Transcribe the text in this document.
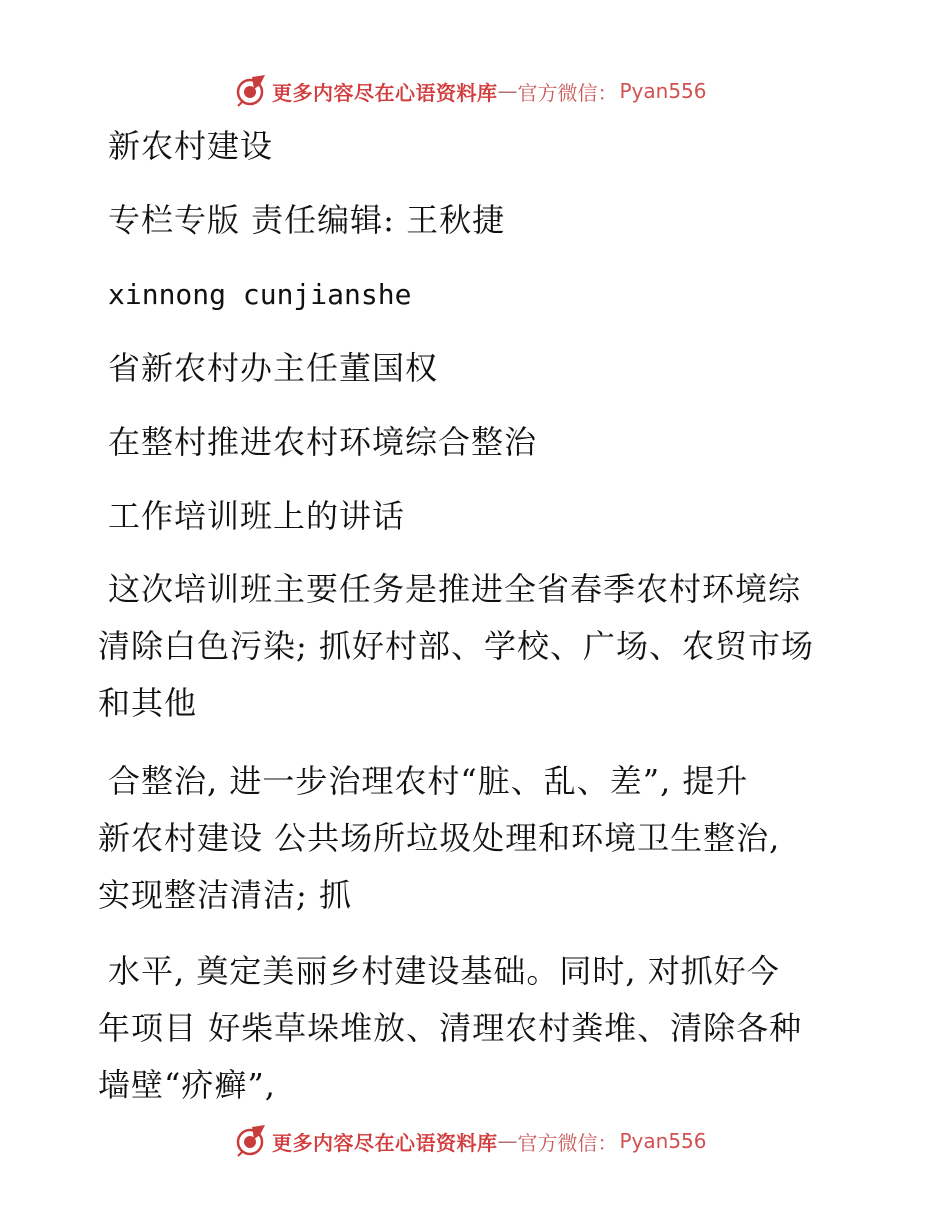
更多内容尽在心语资料库 — 官方微信： Pyan556
新农村建设
专栏专版 责任编辑: 王秋捷
xinnong cunjianshe
省新农村办主任董国权
在整村推进农村环境综合整治
工作培训班上的讲话
这次培训班主要任务是推进全省春季农村环境综
清除白色污染; 抓好村部、学校、广场、农贸市场
和其他
合整治, 进一步治理农村“脏、乱、差”, 提升
新农村建设 公共场所垃圾处理和环境卫生整治,
实现整洁清洁; 抓
水平, 奠定美丽乡村建设基础。同时, 对抓好今
年项目 好柴草垛堆放、清理农村粪堆、清除各种
墙壁“疥癣”,
更多内容尽在心语资料库 — 官方微信： Pyan556
